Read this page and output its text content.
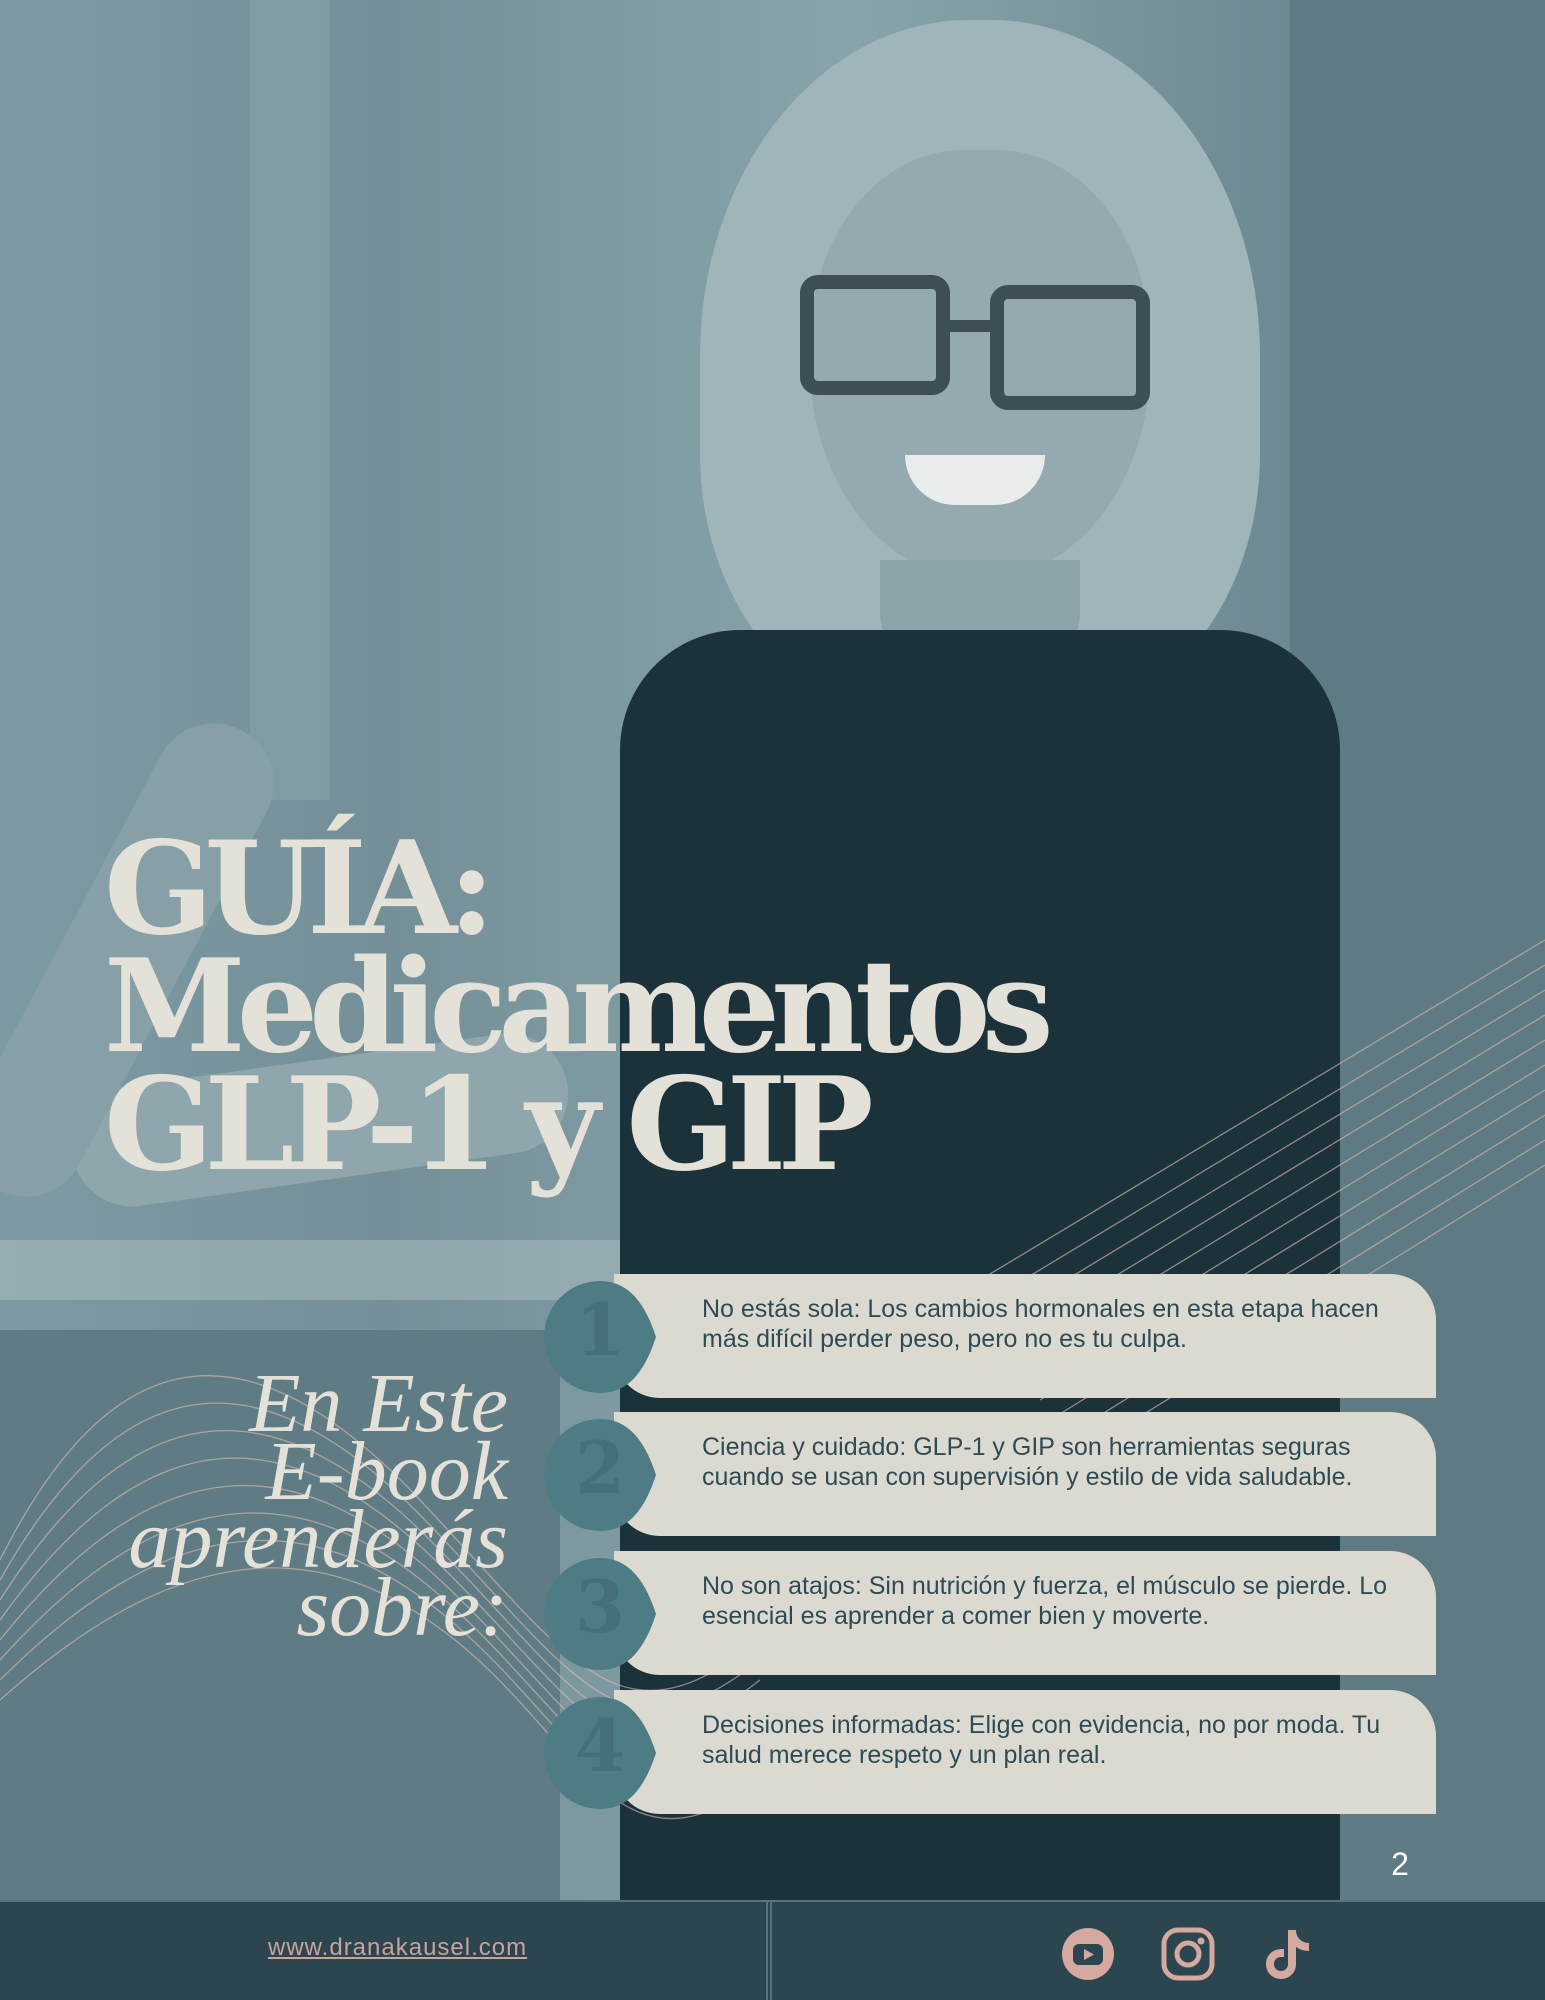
GUÍA:
Medicamentos
GLP-1 y GIP

En Este
E-book
aprenderás
sobre:

1	No estás sola: Los cambios hormonales en esta etapa hacen más difícil perder peso, pero no es tu culpa.
2	Ciencia y cuidado: GLP-1 y GIP son herramientas seguras cuando se usan con supervisión y estilo de vida saludable.
3	No son atajos: Sin nutrición y fuerza, el músculo se pierde. Lo esencial es aprender a comer bien y moverte.
4	Decisiones informadas: Elige con evidencia, no por moda. Tu salud merece respeto y un plan real.
2
www.dranakausel.com
